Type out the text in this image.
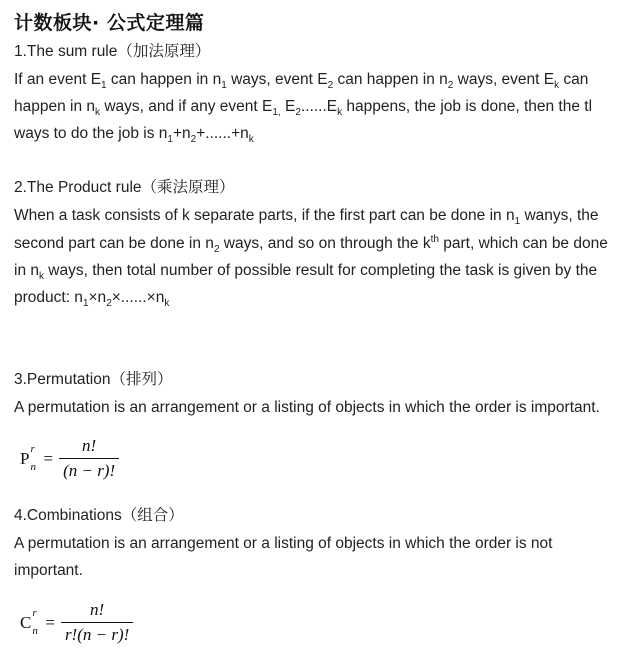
计数板块· 公式定理篇
1.The sum rule（加法原理）
If an event $E_1$ can happen in $n_1$ ways, event $E_2$ can happen in $n_2$ ways, event $E_k$ can
happen in $n_k$ ways, and if any event $E_{1,}$ $E_2......E_k$ happens, the job is done, then the tl
ways to do the job is $n_1+n_2+......+n_k$
2.The Product rule（乘法原理）
When a task consists of k separate parts, if the first part can be done in $n_1$ wanys, the
second part can be done in $n_2$ ways, and so on through the $k^{th}$ part, which can be done
in $n_k$ ways, then total number of possible result for completing the task is given by the
product: $n_1\times n_2\times......\times n_k$
3.Permutation（排列）
A permutation is an arrangement or a listing of objects in which the order is important.
P r
$n = \frac{n!}{(n - r)!}$
4.Combinations（组合）
A permutation is an arrangement or a listing of objects in which the order is not
important.
C r
$n = \frac{n!}{r!(n - r)!}$
